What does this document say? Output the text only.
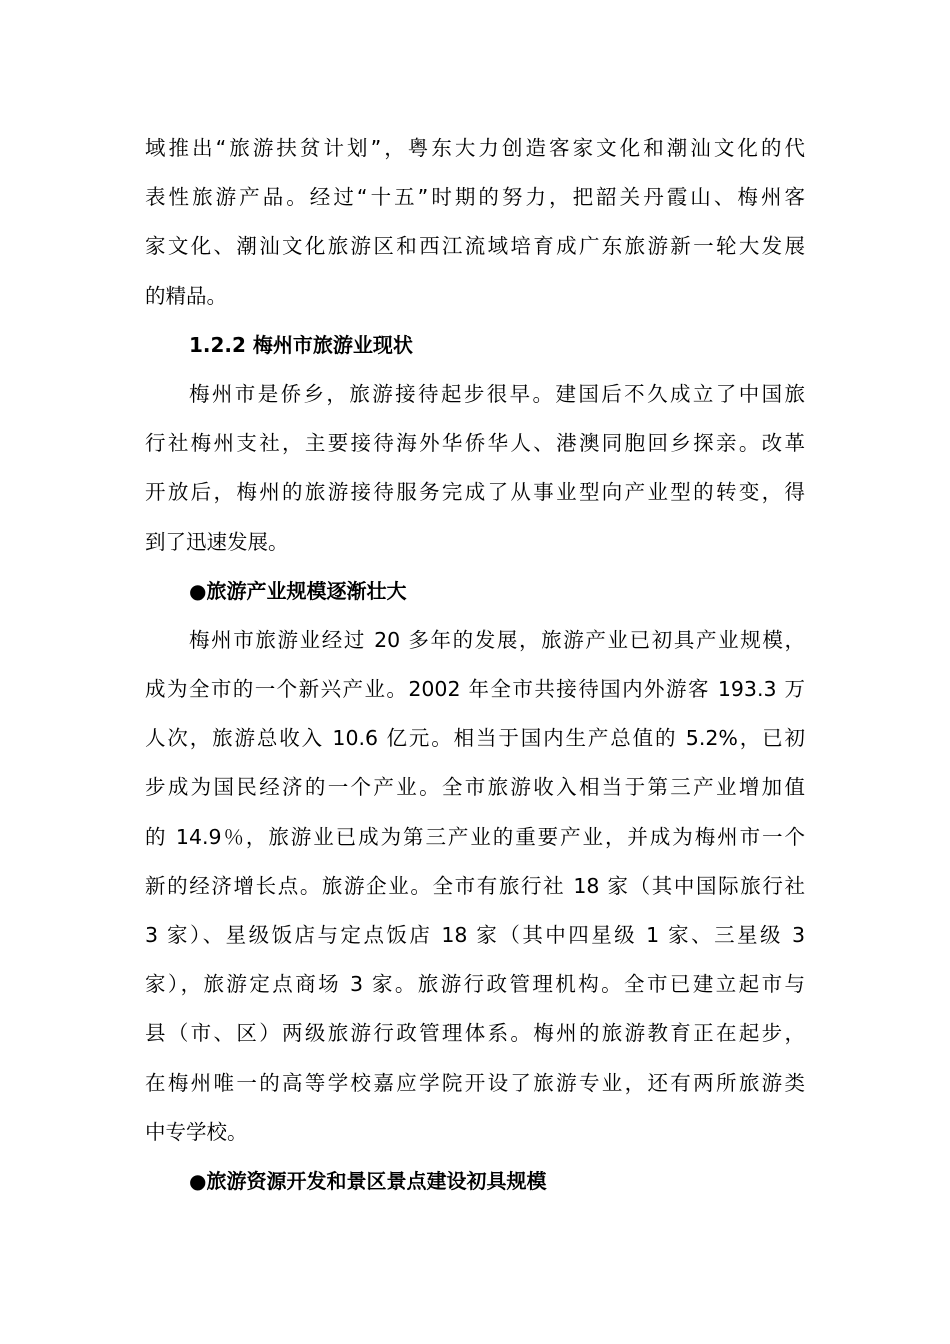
域推出“旅游扶贫计划”，粤东大力创造客家文化和潮汕文化的代
表性旅游产品。经过“十五”时期的努力，把韶关丹霞山、梅州客
家文化、潮汕文化旅游区和西江流域培育成广东旅游新一轮大发展
的精品。
1.2.2 梅州市旅游业现状
梅州市是侨乡，旅游接待起步很早。建国后不久成立了中国旅
行社梅州支社，主要接待海外华侨华人、港澳同胞回乡探亲。改革
开放后，梅州的旅游接待服务完成了从事业型向产业型的转变，得
到了迅速发展。
●旅游产业规模逐渐壮大
梅州市旅游业经过 20 多年的发展，旅游产业已初具产业规模，
成为全市的一个新兴产业。2002 年全市共接待国内外游客 193.3 万
人次，旅游总收入 10.6 亿元。相当于国内生产总值的 5.2%，已初
步成为国民经济的一个产业。全市旅游收入相当于第三产业增加值
的 14.9％，旅游业已成为第三产业的重要产业，并成为梅州市一个
新的经济增长点。旅游企业。全市有旅行社 18 家（其中国际旅行社
3 家）、星级饭店与定点饭店 18 家（其中四星级 1 家、三星级 3
家），旅游定点商场 3 家。旅游行政管理机构。全市已建立起市与
县（市、区）两级旅游行政管理体系。梅州的旅游教育正在起步，
在梅州唯一的高等学校嘉应学院开设了旅游专业，还有两所旅游类
中专学校。
●旅游资源开发和景区景点建设初具规模
